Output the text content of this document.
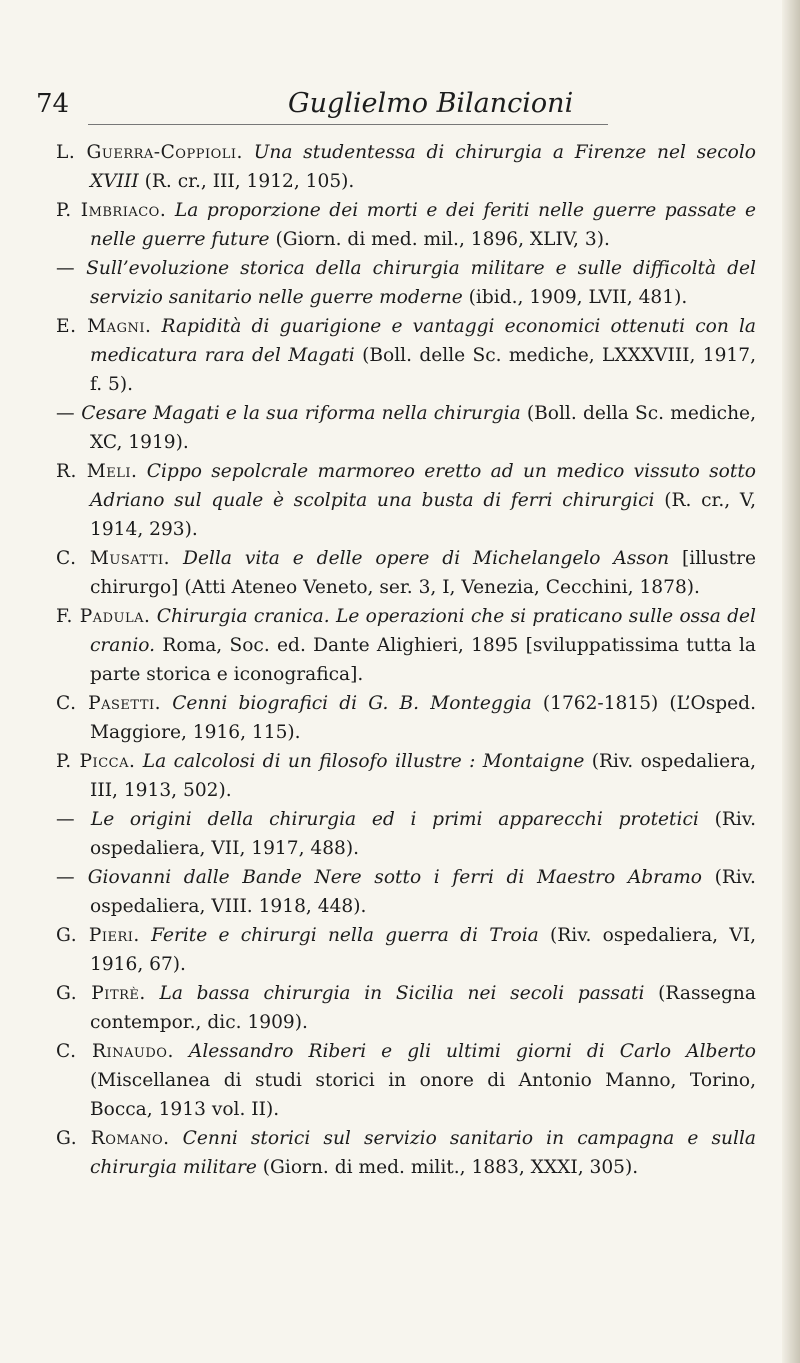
74	Guglielmo Bilancioni

L. Guerra-Coppioli. Una studentessa di chirurgia a Firenze nel secolo XVIII (R. cr., III, 1912, 105).

P. Imbriaco. La proporzione dei morti e dei feriti nelle guerre passate e nelle guerre future (Giorn. di med. mil., 1896, XLIV, 3).

— Sull’evoluzione storica della chirurgia militare e sulle difficoltà del servizio sanitario nelle guerre moderne (ibid., 1909, LVII, 481).

E. Magni. Rapidità di guarigione e vantaggi economici ottenuti con la medicatura rara del Magati (Boll. delle Sc. mediche, LXXXVIII, 1917, f. 5).

— Cesare Magati e la sua riforma nella chirurgia (Boll. della Sc. mediche, XC, 1919).

R. Meli. Cippo sepolcrale marmoreo eretto ad un medico vissuto sotto Adriano sul quale è scolpita una busta di ferri chirurgici (R. cr., V, 1914, 293).

C. Musatti. Della vita e delle opere di Michelangelo Asson [illustre chirurgo] (Atti Ateneo Veneto, ser. 3, I, Venezia, Cecchini, 1878).

F. Padula. Chirurgia cranica. Le operazioni che si praticano sulle ossa del cranio. Roma, Soc. ed. Dante Alighieri, 1895 [sviluppatissima tutta la parte storica e iconografica].

C. Pasetti. Cenni biografici di G. B. Monteggia (1762-1815) (L’Osped. Maggiore, 1916, 115).

P. Picca. La calcolosi di un filosofo illustre : Montaigne (Riv. ospedaliera, III, 1913, 502).

— Le origini della chirurgia ed i primi apparecchi protetici (Riv. ospedaliera, VII, 1917, 488).

— Giovanni dalle Bande Nere sotto i ferri di Maestro Abramo (Riv. ospedaliera, VIII. 1918, 448).

G. Pieri. Ferite e chirurgi nella guerra di Troia (Riv. ospedaliera, VI, 1916, 67).

G. Pitrè. La bassa chirurgia in Sicilia nei secoli passati (Rassegna contempor., dic. 1909).

C. Rinaudo. Alessandro Riberi e gli ultimi giorni di Carlo Alberto (Miscellanea di studi storici in onore di Antonio Manno, Torino, Bocca, 1913 vol. II).

G. Romano. Cenni storici sul servizio sanitario in campagna e sulla chirurgia militare (Giorn. di med. milit., 1883, XXXI, 305).
